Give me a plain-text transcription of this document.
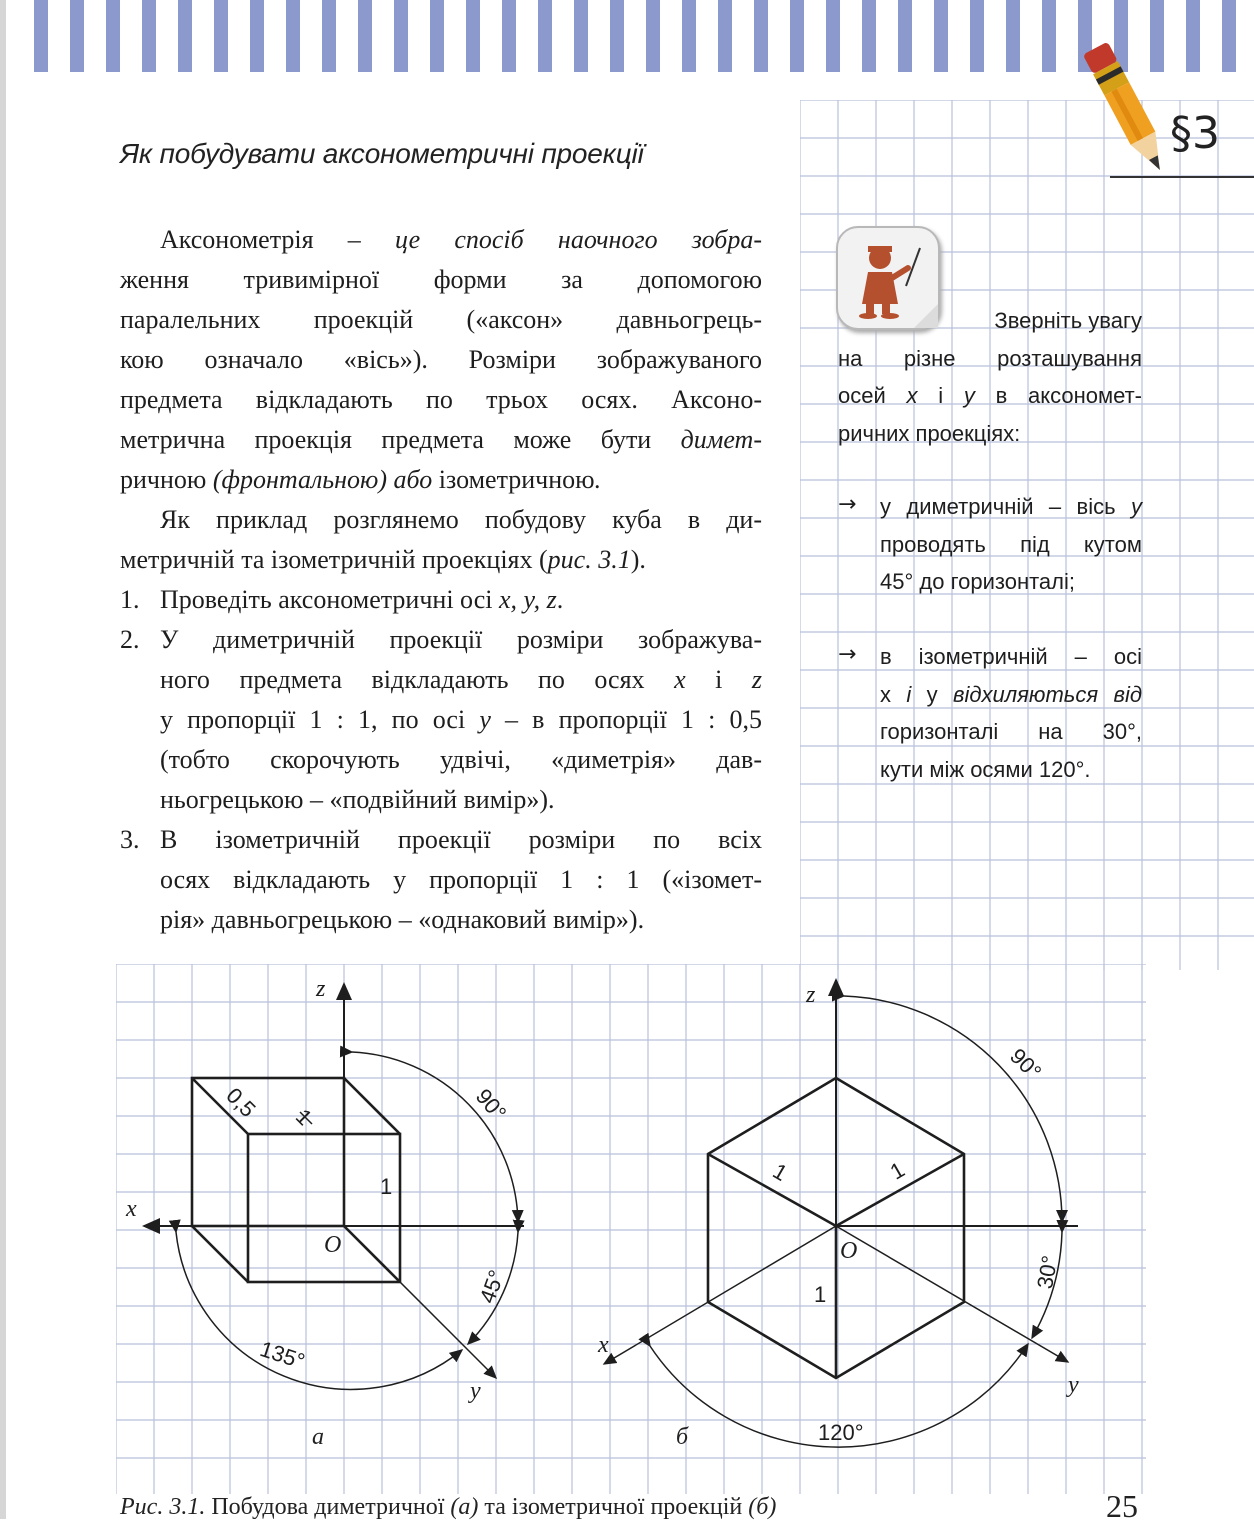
§3
Як побудувати аксонометричні проекції
Аксонометрія – це спосіб наочного зобра-
ження тривимірної форми за допомогою
паралельних проекцій («аксон» давньогрець-
кою означало «вісь»). Розміри зображуваного
предмета відкладають по трьох осях. Аксоно-
метрична проекція предмета може бути димет-
ричною (фронтальною) або ізометричною.
Як приклад розглянемо побудову куба в ди-
метричній та ізометричній проекціях (рис. 3.1).
1. Проведіть аксонометричні осі x, y, z.
2. У диметричній проекції розміри зображува-
ного предмета відкладають по осях x і z
у пропорції 1 : 1, по осі y – в пропорції 1 : 0,5
(тобто скорочують удвічі, «диметрія» дав-
ньогрецькою – «подвійний вимір»).
3. В ізометричній проекції розміри по всіх
осях відкладають у пропорції 1 : 1 («ізомет-
рія» давньогрецькою – «однаковий вимір»).
Зверніть увагу
на різне розташування
осей x і y в аксономет-
ричних проекціях:
→ у диметричній – вісь y
проводять під кутом
45° до горизонталі;
→ в ізометричній – осі
x і y відхиляються від
горизонталі на 30°,
кути між осями 120°.
x
z
y
O
0,5 1
1
90°
45°
135°
z
x
y
O
1	1
1
90°
30°
120°
а	б
Рис. 3.1. Побудова диметричної (а) та ізометричної проекцій (б)	25
